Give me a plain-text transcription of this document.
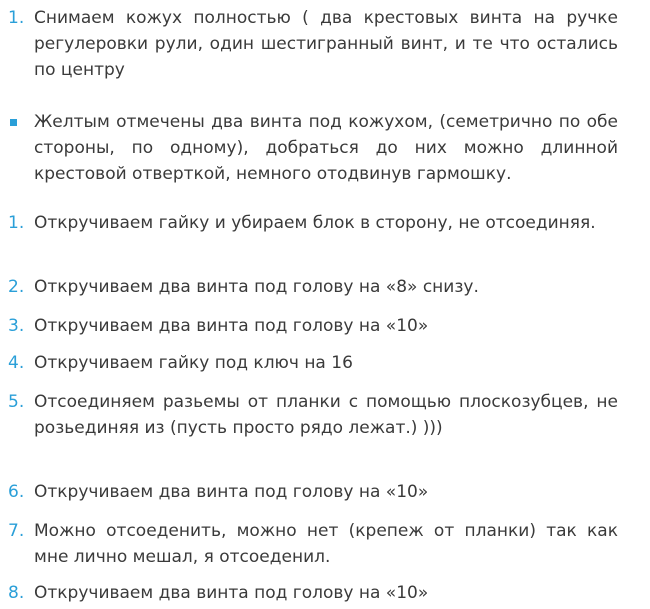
1. Снимаем кожух полностью ( два крестовых винта на ручке регулеровки рули, один шестигранный винт, и те что остались по центру
Желтым отмечены два винта под кожухом, (семетрично по обе стороны, по одному), добраться до них можно длинной крестовой отверткой, немного отодвинув гармошку.
1. Откручиваем гайку и убираем блок в сторону, не отсоединяя.
2. Откручиваем два винта под голову на «8» снизу.
3. Откручиваем два винта под голову на «10»
4. Откручиваем гайку под ключ на 16
5. Отсоединяем разьемы от планки с помощью плоскозубцев, не розьединяя из (пусть просто рядо лежат.) )))
6. Откручиваем два винта под голову на «10»
7. Можно отсоеденить, можно нет (крепеж от планки) так как мне лично мешал, я отсоеденил.
8. Откручиваем два винта под голову на «10»
